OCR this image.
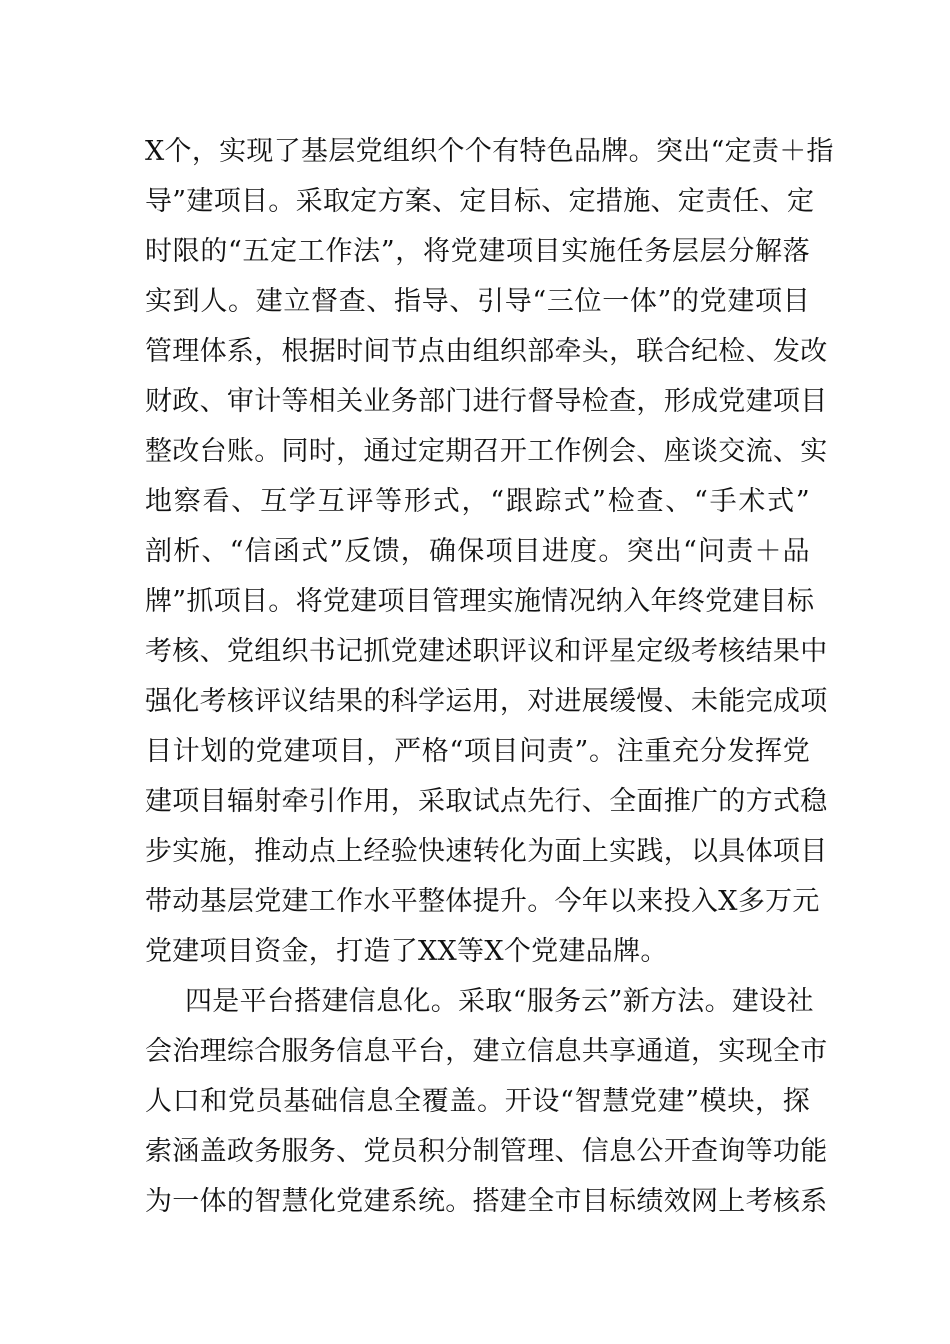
X个，实现了基层党组织个个有特色品牌。突出“定责＋指
导”建项目。采取定方案、定目标、定措施、定责任、定
时限的“五定工作法”，将党建项目实施任务层层分解落
实到人。建立督查、指导、引导“三位一体”的党建项目
管理体系，根据时间节点由组织部牵头，联合纪检、发改
财政、审计等相关业务部门进行督导检查，形成党建项目
整改台账。同时，通过定期召开工作例会、座谈交流、实
地察看、互学互评等形式，“跟踪式”检查、“手术式”
剖析、“信函式”反馈，确保项目进度。突出“问责＋品
牌”抓项目。将党建项目管理实施情况纳入年终党建目标
考核、党组织书记抓党建述职评议和评星定级考核结果中
强化考核评议结果的科学运用，对进展缓慢、未能完成项
目计划的党建项目，严格“项目问责”。注重充分发挥党
建项目辐射牵引作用，采取试点先行、全面推广的方式稳
步实施，推动点上经验快速转化为面上实践，以具体项目
带动基层党建工作水平整体提升。今年以来投入X多万元
党建项目资金，打造了XX等X个党建品牌。
四是平台搭建信息化。采取“服务云”新方法。建设社
会治理综合服务信息平台，建立信息共享通道，实现全市
人口和党员基础信息全覆盖。开设“智慧党建”模块，探
索涵盖政务服务、党员积分制管理、信息公开查询等功能
为一体的智慧化党建系统。搭建全市目标绩效网上考核系
